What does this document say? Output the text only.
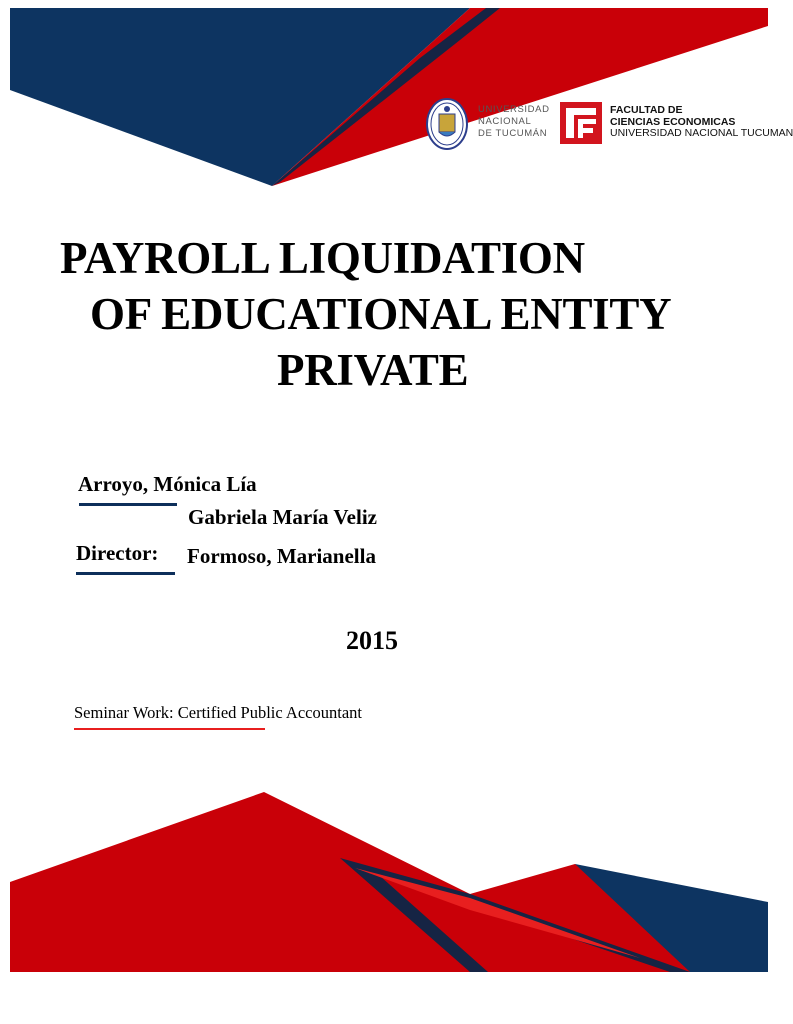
UNIVERSIDAD
NACIONAL
DE TUCUMÁN
FACULTAD DE
CIENCIAS ECONOMICAS
UNIVERSIDAD NACIONAL TUCUMAN
PAYROLL LIQUIDATION
OF EDUCATIONAL ENTITY
PRIVATE
Arroyo, Mónica Lía
Gabriela María Veliz
Director: Formoso, Marianella
2015
Seminar Work: Certified Public Accountant
